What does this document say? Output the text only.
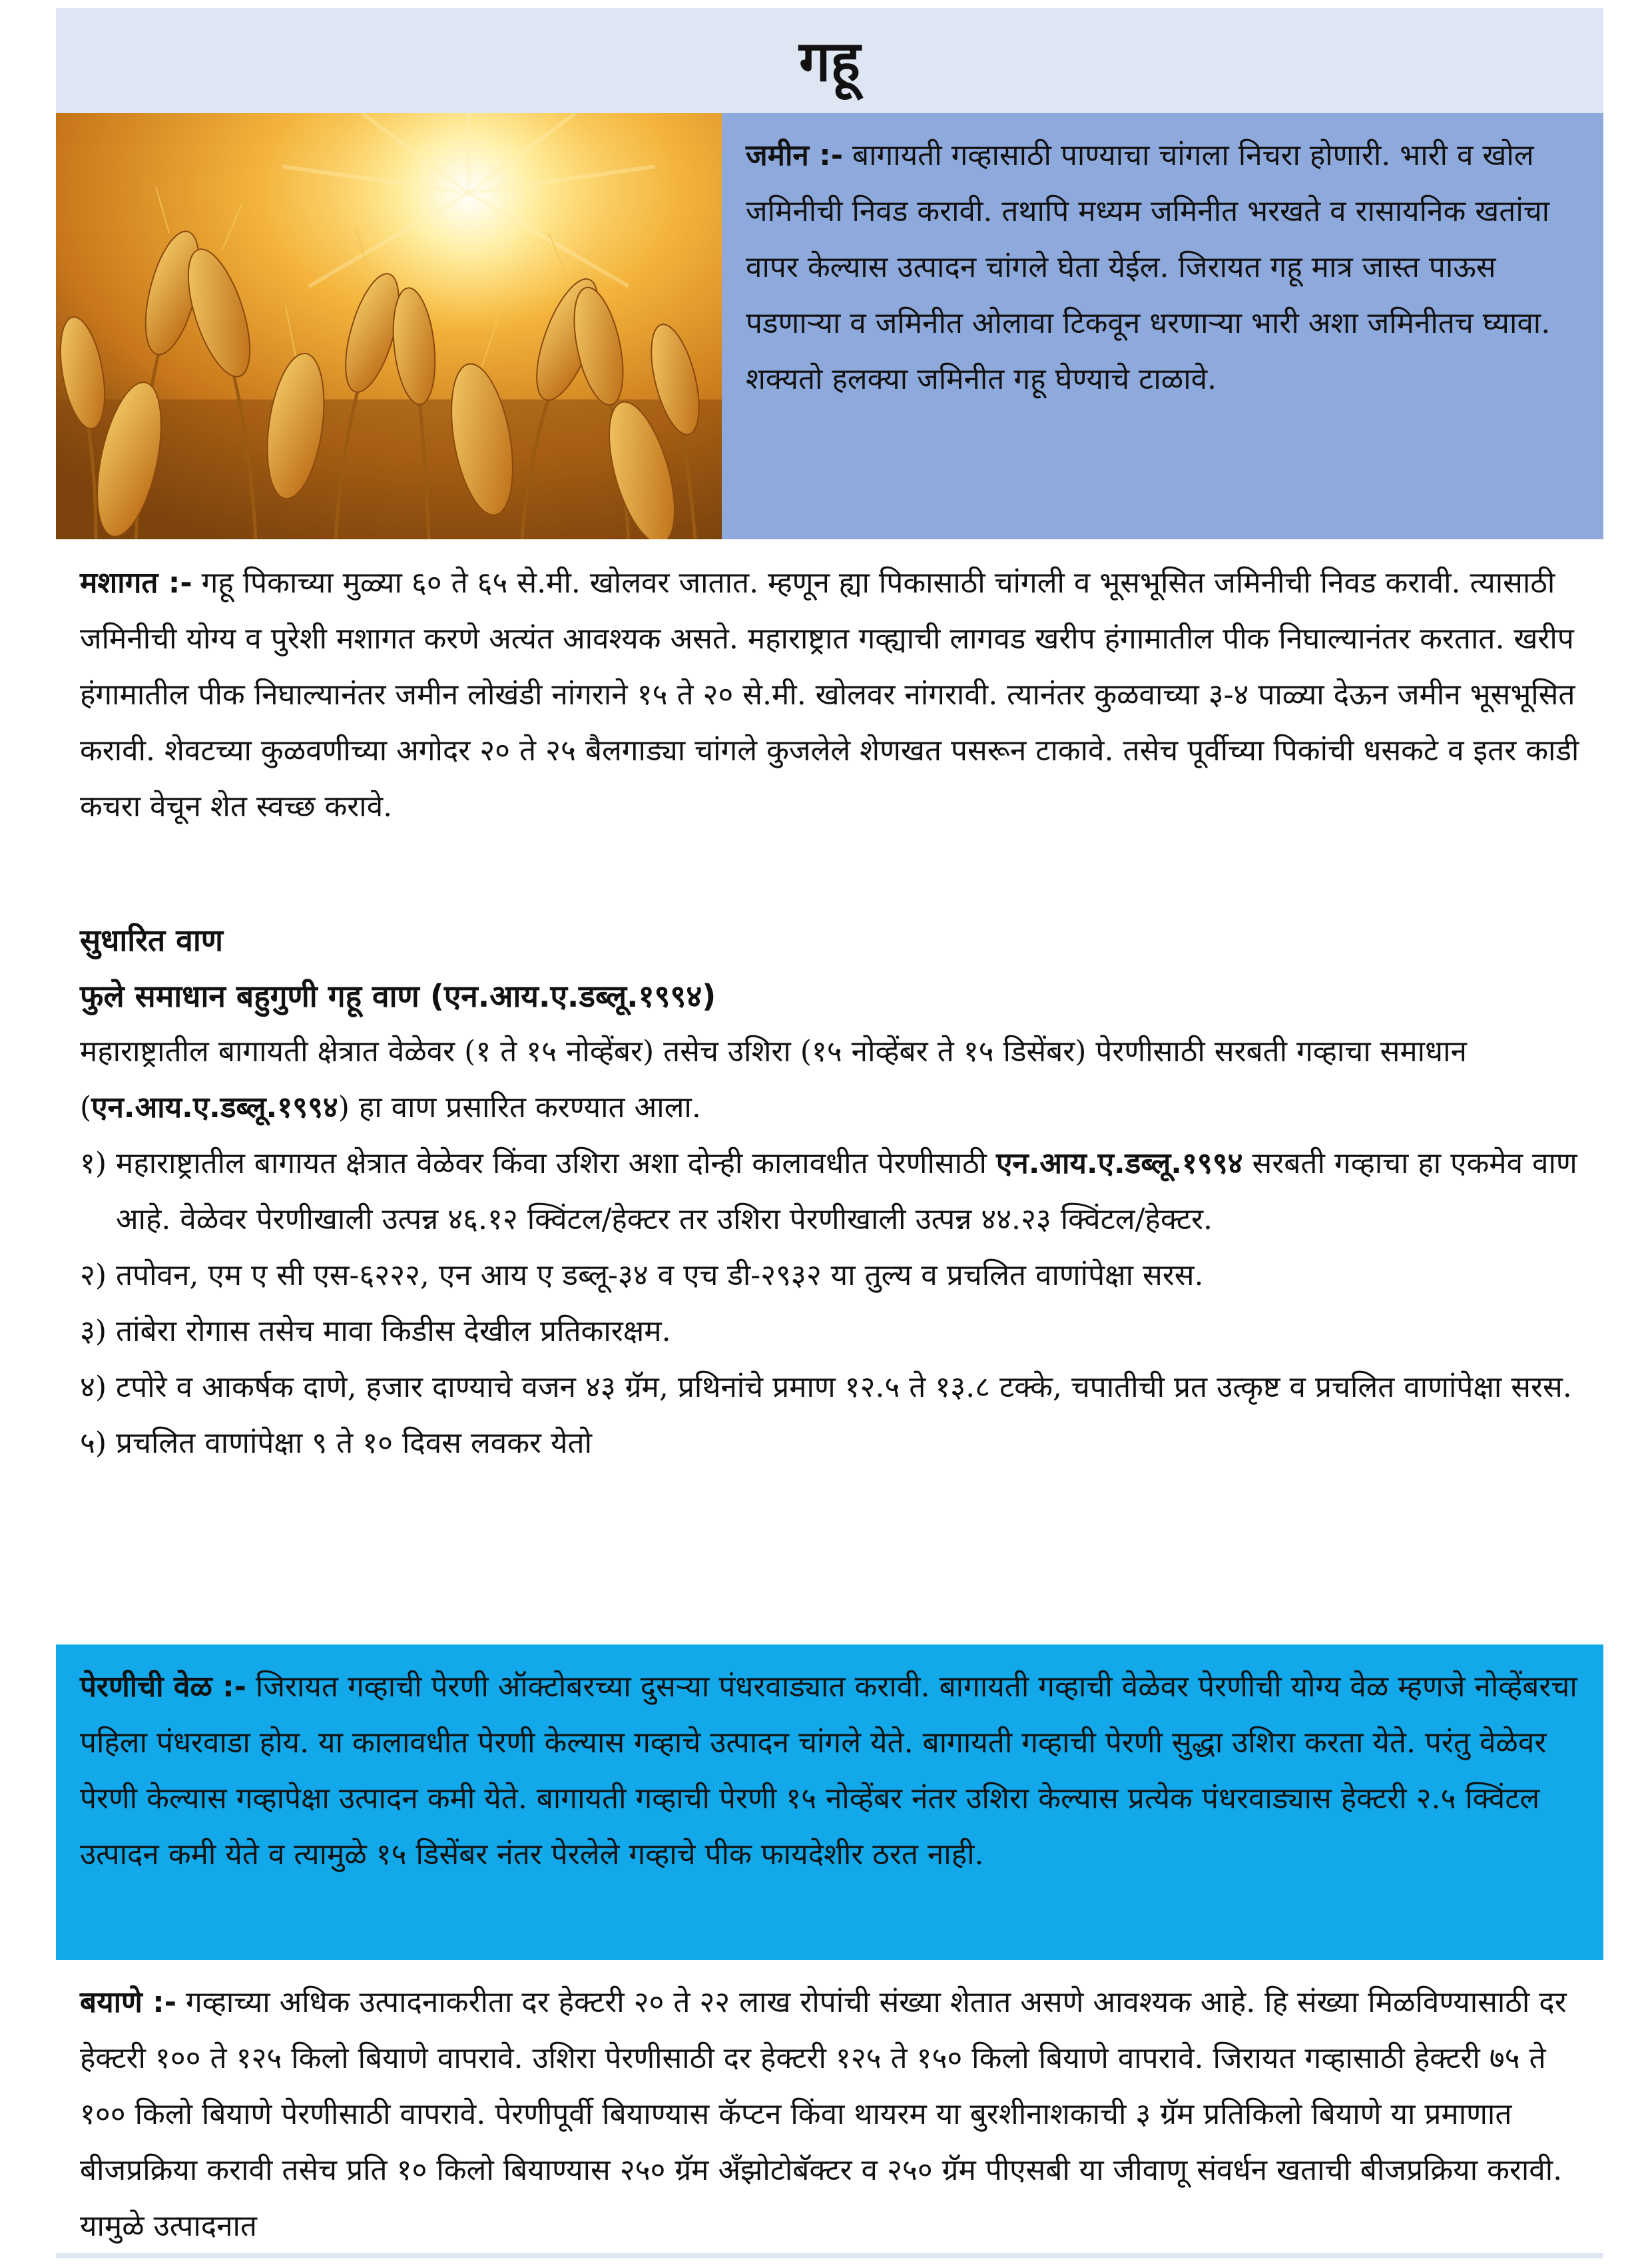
गहू

जमीन :- बागायती गव्हासाठी पाण्याचा चांगला निचरा होणारी. भारी व खोल जमिनीची निवड करावी. तथापि मध्यम जमिनीत भरखते व रासायनिक खतांचा वापर केल्यास उत्पादन चांगले घेता येईल. जिरायत गहू मात्र जास्त पाऊस पडणाऱ्या व जमिनीत ओलावा टिकवून धरणाऱ्या भारी अशा जमिनीतच घ्यावा. शक्यतो हलक्या जमिनीत गहू घेण्याचे टाळावे.

मशागत :- गहू पिकाच्या मुळ्या ६० ते ६५ से.मी. खोलवर जातात. म्हणून ह्या पिकासाठी चांगली व भूसभूसित जमिनीची निवड करावी. त्यासाठी जमिनीची योग्य व पुरेशी मशागत करणे अत्यंत आवश्यक असते. महाराष्ट्रात गव्ह्याची लागवड खरीप हंगामातील पीक निघाल्यानंतर करतात. खरीप हंगामातील पीक निघाल्यानंतर जमीन लोखंडी नांगराने १५ ते २० से.मी. खोलवर नांगरावी. त्यानंतर कुळवाच्या ३-४ पाळ्या देऊन जमीन भूसभूसित करावी. शेवटच्या कुळवणीच्या अगोदर २० ते २५ बैलगाड्या चांगले कुजलेले शेणखत पसरून टाकावे. तसेच पूर्वीच्या पिकांची धसकटे व इतर काडी कचरा वेचून शेत स्वच्छ करावे.

सुधारित वाण
फुले समाधान बहुगुणी गहू वाण (एन.आय.ए.डब्लू.१९९४)

महाराष्ट्रातील बागायती क्षेत्रात वेळेवर (१ ते १५ नोव्हेंबर) तसेच उशिरा (१५ नोव्हेंबर ते १५ डिसेंबर) पेरणीसाठी सरबती गव्हाचा समाधान (एन.आय.ए.डब्लू.१९९४) हा वाण प्रसारित करण्यात आला.

१) महाराष्ट्रातील बागायत क्षेत्रात वेळेवर किंवा उशिरा अशा दोन्ही कालावधीत पेरणीसाठी एन.आय.ए.डब्लू.१९९४ सरबती गव्हाचा हा एकमेव वाण आहे. वेळेवर पेरणीखाली उत्पन्न ४६.१२ क्विंटल/हेक्टर तर उशिरा पेरणीखाली उत्पन्न ४४.२३ क्विंटल/हेक्टर.
२) तपोवन, एम ए सी एस-६२२२, एन आय ए डब्लू-३४ व एच डी-२९३२ या तुल्य व प्रचलित वाणांपेक्षा सरस.
३) तांबेरा रोगास तसेच मावा किडीस देखील प्रतिकारक्षम.
४) टपोरे व आकर्षक दाणे, हजार दाण्याचे वजन ४३ ग्रॅम, प्रथिनांचे प्रमाण १२.५ ते १३.८ टक्के, चपातीची प्रत उत्कृष्ट व प्रचलित वाणांपेक्षा सरस.
५) प्रचलित वाणांपेक्षा ९ ते १० दिवस लवकर येतो

पेरणीची वेळ :- जिरायत गव्हाची पेरणी ऑक्टोबरच्या दुसऱ्या पंधरवाड्यात करावी. बागायती गव्हाची वेळेवर पेरणीची योग्य वेळ म्हणजे नोव्हेंबरचा पहिला पंधरवाडा होय. या कालावधीत पेरणी केल्यास गव्हाचे उत्पादन चांगले येते. बागायती गव्हाची पेरणी सुद्धा उशिरा करता येते. परंतु वेळेवर पेरणी केल्यास गव्हापेक्षा उत्पादन कमी येते. बागायती गव्हाची पेरणी १५ नोव्हेंबर नंतर उशिरा केल्यास प्रत्येक पंधरवाड्यास हेक्टरी २.५ क्विंटल उत्पादन कमी येते व त्यामुळे १५ डिसेंबर नंतर पेरलेले गव्हाचे पीक फायदेशीर ठरत नाही.

बयाणे :- गव्हाच्या अधिक उत्पादनाकरीता दर हेक्टरी २० ते २२ लाख रोपांची संख्या शेतात असणे आवश्यक आहे. हि संख्या मिळविण्यासाठी दर हेक्टरी १०० ते १२५ किलो बियाणे वापरावे. उशिरा पेरणीसाठी दर हेक्टरी १२५ ते १५० किलो बियाणे वापरावे. जिरायत गव्हासाठी हेक्टरी ७५ ते १०० किलो बियाणे पेरणीसाठी वापरावे. पेरणीपूर्वी बियाण्यास कॅप्टन किंवा थायरम या बुरशीनाशकाची ३ ग्रॅम प्रतिकिलो बियाणे या प्रमाणात बीजप्रक्रिया करावी तसेच प्रति १० किलो बियाण्यास २५० ग्रॅम अँझोटोबॅक्टर व २५० ग्रॅम पीएसबी या जीवाणू संवर्धन खताची बीजप्रक्रिया करावी. यामुळे उत्पादनात
